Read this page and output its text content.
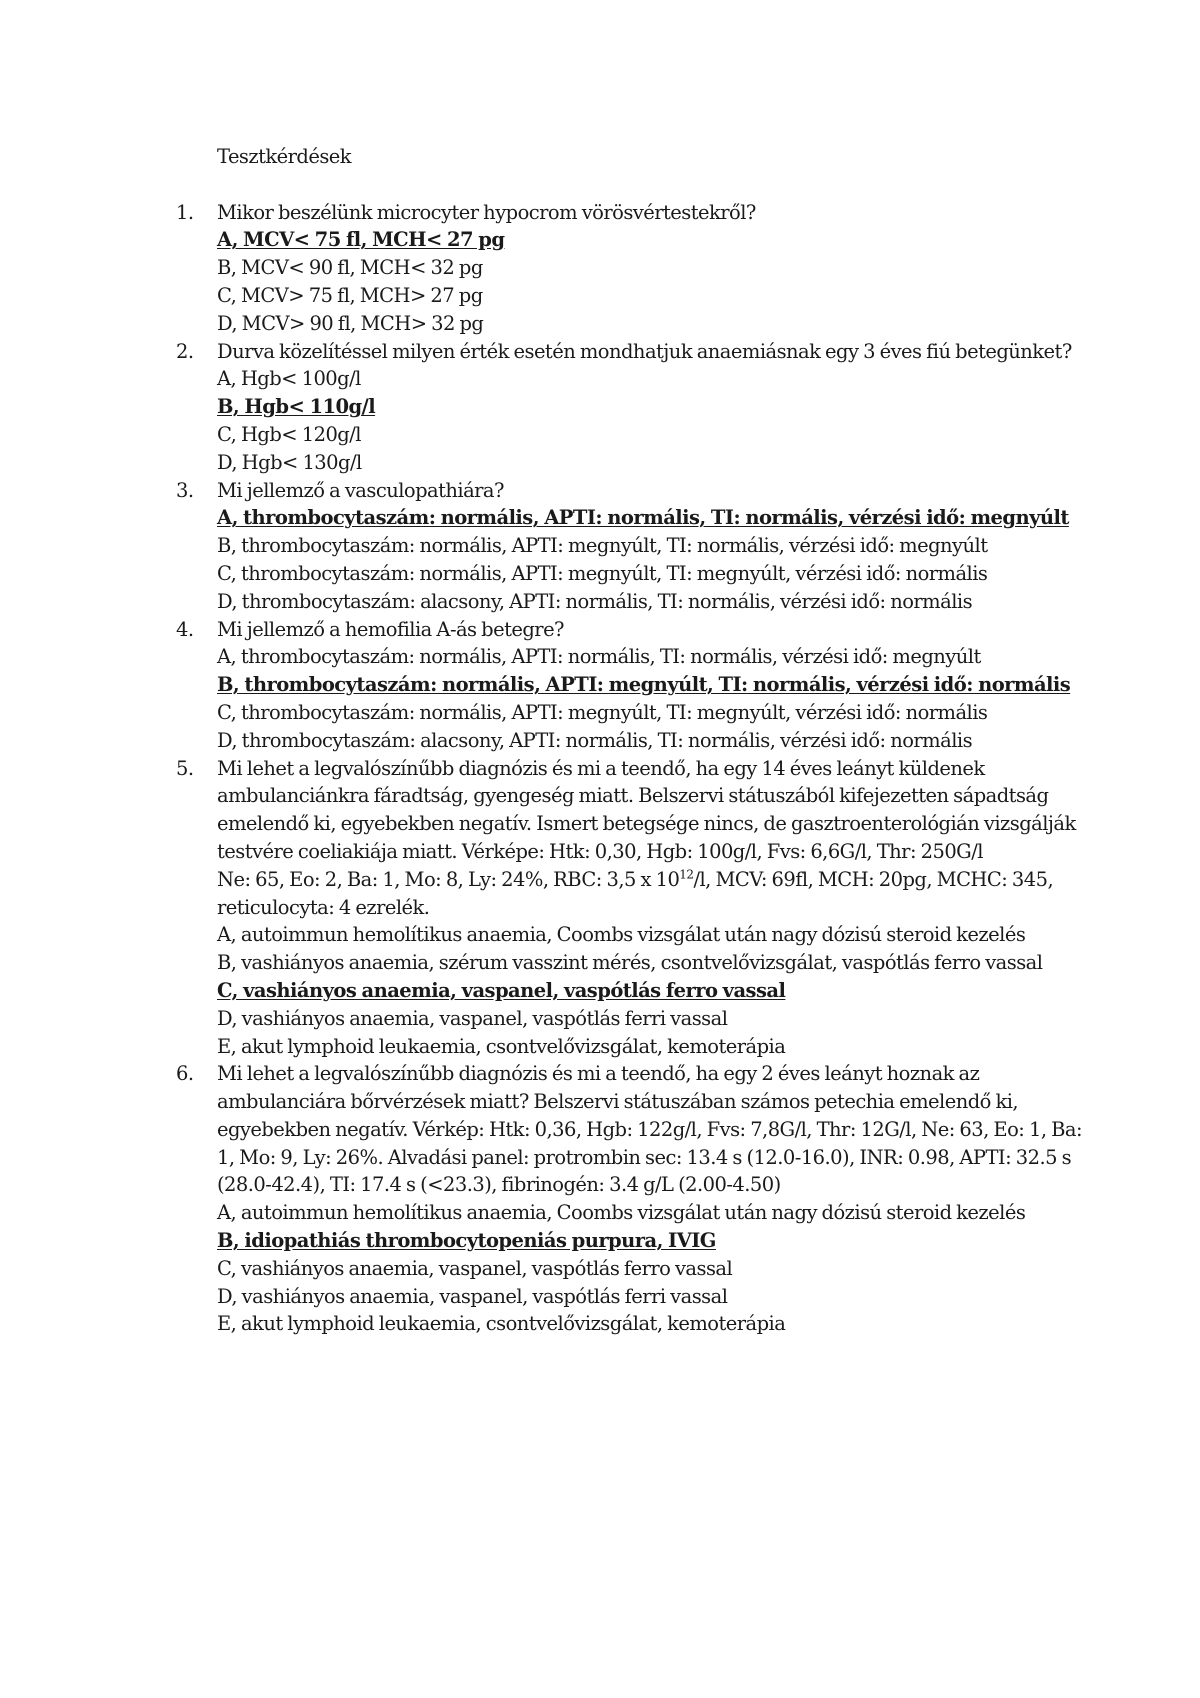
Tesztkérdések

1. Mikor beszélünk microcyter hypocrom vörösvértestekről?
A, MCV< 75 fl, MCH< 27 pg
B, MCV< 90 fl, MCH< 32 pg
C, MCV> 75 fl, MCH> 27 pg
D, MCV> 90 fl, MCH> 32 pg
2. Durva közelítéssel milyen érték esetén mondhatjuk anaemiásnak egy 3 éves fiú betegünket?
A, Hgb< 100g/l
B, Hgb< 110g/l
C, Hgb< 120g/l
D, Hgb< 130g/l
3. Mi jellemző a vasculopathiára?
A, thrombocytaszám: normális, APTI: normális, TI: normális, vérzési idő: megnyúlt
B, thrombocytaszám: normális, APTI: megnyúlt, TI: normális, vérzési idő: megnyúlt
C, thrombocytaszám: normális, APTI: megnyúlt, TI: megnyúlt, vérzési idő: normális
D, thrombocytaszám: alacsony, APTI: normális, TI: normális, vérzési idő: normális
4. Mi jellemző a hemofilia A-ás betegre?
A, thrombocytaszám: normális, APTI: normális, TI: normális, vérzési idő: megnyúlt
B, thrombocytaszám: normális, APTI: megnyúlt, TI: normális, vérzési idő: normális
C, thrombocytaszám: normális, APTI: megnyúlt, TI: megnyúlt, vérzési idő: normális
D, thrombocytaszám: alacsony, APTI: normális, TI: normális, vérzési idő: normális
5. Mi lehet a legvalószínűbb diagnózis és mi a teendő, ha egy 14 éves leányt küldenek ambulanciánkra fáradtság, gyengeség miatt. Belszervi státuszából kifejezetten sápadtság emelendő ki, egyebekben negatív. Ismert betegsége nincs, de gasztroenterológián vizsgálják testvére coeliakiája miatt. Vérképe: Htk: 0,30, Hgb: 100g/l, Fvs: 6,6G/l, Thr: 250G/l
Ne: 65, Eo: 2, Ba: 1, Mo: 8, Ly: 24%, RBC: 3,5 x $10^{12}/l$, MCV: 69fl, MCH: 20pg, MCHC: 345, reticulocyta: 4 ezrelék.
A, autoimmun hemolítikus anaemia, Coombs vizsgálat után nagy dózisú steroid kezelés
B, vashiányos anaemia, szérum vasszint mérés, csontvelővizsgálat, vaspótlás ferro vassal
C, vashiányos anaemia, vaspanel, vaspótlás ferro vassal
D, vashiányos anaemia, vaspanel, vaspótlás ferri vassal
E, akut lymphoid leukaemia, csontvelővizsgálat, kemoterápia
6. Mi lehet a legvalószínűbb diagnózis és mi a teendő, ha egy 2 éves leányt hoznak az ambulanciára bőrvérzések miatt? Belszervi státuszában számos petechia emelendő ki, egyebekben negatív. Vérkép: Htk: 0,36, Hgb: 122g/l, Fvs: 7,8G/l, Thr: 12G/l, Ne: 63, Eo: 1, Ba: 1, Mo: 9, Ly: 26%. Alvadási panel: protrombin sec: 13.4 s (12.0-16.0), INR: 0.98, APTI: 32.5 s (28.0-42.4), TI: 17.4 s (<23.3), fibrinogén: 3.4 g/L (2.00-4.50)
A, autoimmun hemolítikus anaemia, Coombs vizsgálat után nagy dózisú steroid kezelés
B, idiopathiás thrombocytopeniás purpura, IVIG
C, vashiányos anaemia, vaspanel, vaspótlás ferro vassal
D, vashiányos anaemia, vaspanel, vaspótlás ferri vassal
E, akut lymphoid leukaemia, csontvelővizsgálat, kemoterápia
